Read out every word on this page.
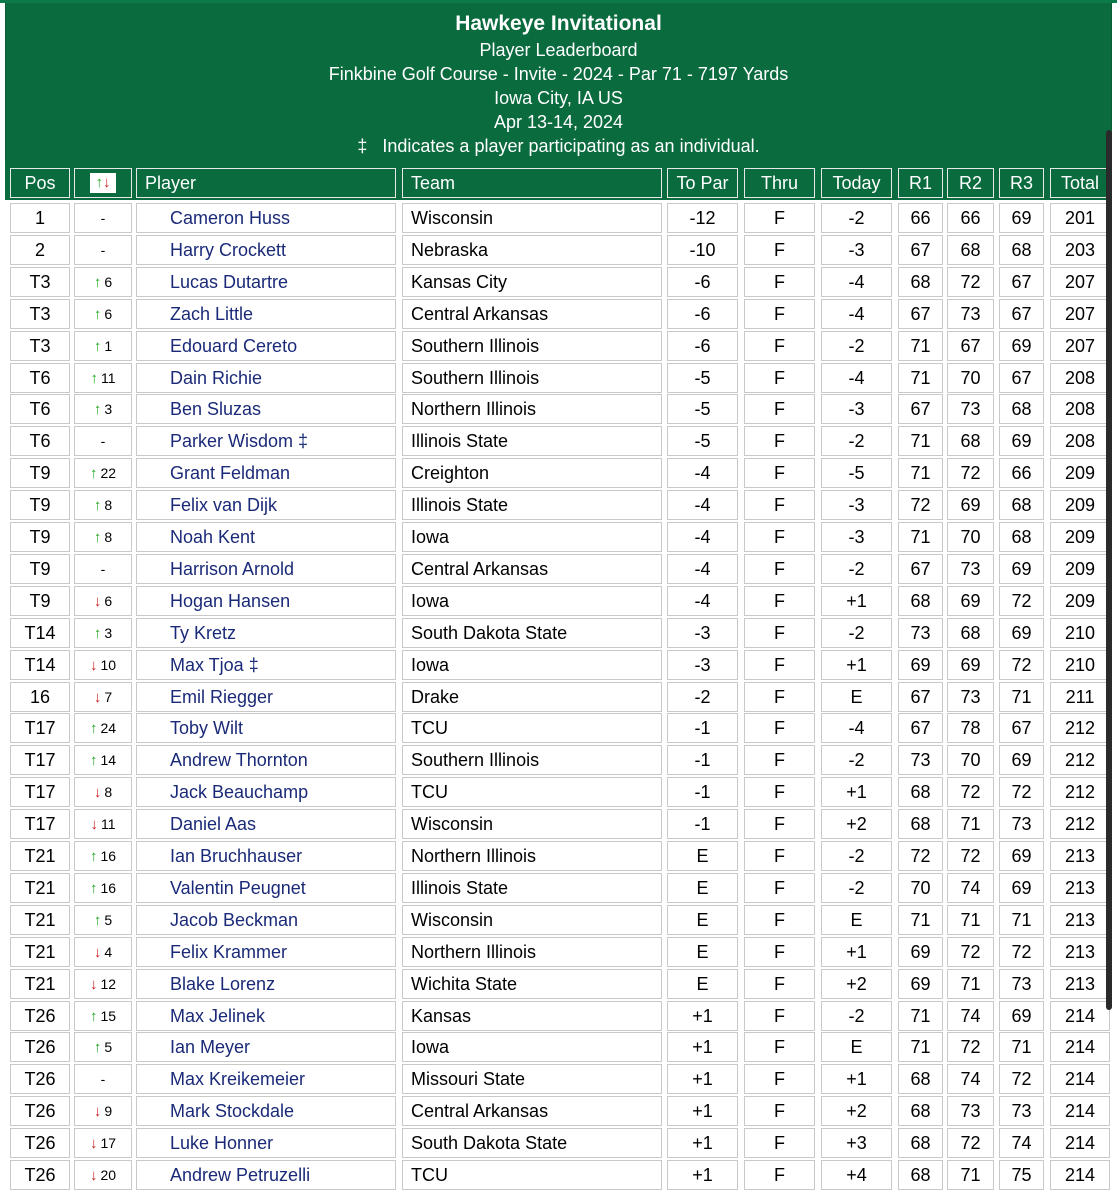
Hawkeye Invitational
Player Leaderboard
Finkbine Golf Course - Invite - 2024 - Par 71 - 7197 Yards
Iowa City, IA US
Apr 13-14, 2024
‡   Indicates a player participating as an individual.
Pos	↑↓	Player	Team	To Par	Thru	Today	R1	R2	R3	Total
1	-	Cameron Huss	Wisconsin	-12	F	-2	66	66	69	201
2	-	Harry Crockett	Nebraska	-10	F	-3	67	68	68	203
T3	↑ 6	Lucas Dutartre	Kansas City	-6	F	-4	68	72	67	207
T3	↑ 6	Zach Little	Central Arkansas	-6	F	-4	67	73	67	207
T3	↑ 1	Edouard Cereto	Southern Illinois	-6	F	-2	71	67	69	207
T6	↑ 11	Dain Richie	Southern Illinois	-5	F	-4	71	70	67	208
T6	↑ 3	Ben Sluzas	Northern Illinois	-5	F	-3	67	73	68	208
T6	-	Parker Wisdom ‡	Illinois State	-5	F	-2	71	68	69	208
T9	↑ 22	Grant Feldman	Creighton	-4	F	-5	71	72	66	209
T9	↑ 8	Felix van Dijk	Illinois State	-4	F	-3	72	69	68	209
T9	↑ 8	Noah Kent	Iowa	-4	F	-3	71	70	68	209
T9	-	Harrison Arnold	Central Arkansas	-4	F	-2	67	73	69	209
T9	↓ 6	Hogan Hansen	Iowa	-4	F	+1	68	69	72	209
T14	↑ 3	Ty Kretz	South Dakota State	-3	F	-2	73	68	69	210
T14	↓ 10	Max Tjoa ‡	Iowa	-3	F	+1	69	69	72	210
16	↓ 7	Emil Riegger	Drake	-2	F	E	67	73	71	211
T17	↑ 24	Toby Wilt	TCU	-1	F	-4	67	78	67	212
T17	↑ 14	Andrew Thornton	Southern Illinois	-1	F	-2	73	70	69	212
T17	↓ 8	Jack Beauchamp	TCU	-1	F	+1	68	72	72	212
T17	↓ 11	Daniel Aas	Wisconsin	-1	F	+2	68	71	73	212
T21	↑ 16	Ian Bruchhauser	Northern Illinois	E	F	-2	72	72	69	213
T21	↑ 16	Valentin Peugnet	Illinois State	E	F	-2	70	74	69	213
T21	↑ 5	Jacob Beckman	Wisconsin	E	F	E	71	71	71	213
T21	↓ 4	Felix Krammer	Northern Illinois	E	F	+1	69	72	72	213
T21	↓ 12	Blake Lorenz	Wichita State	E	F	+2	69	71	73	213
T26	↑ 15	Max Jelinek	Kansas	+1	F	-2	71	74	69	214
T26	↑ 5	Ian Meyer	Iowa	+1	F	E	71	72	71	214
T26	-	Max Kreikemeier	Missouri State	+1	F	+1	68	74	72	214
T26	↓ 9	Mark Stockdale	Central Arkansas	+1	F	+2	68	73	73	214
T26	↓ 17	Luke Honner	South Dakota State	+1	F	+3	68	72	74	214
T26	↓ 20	Andrew Petruzelli	TCU	+1	F	+4	68	71	75	214
